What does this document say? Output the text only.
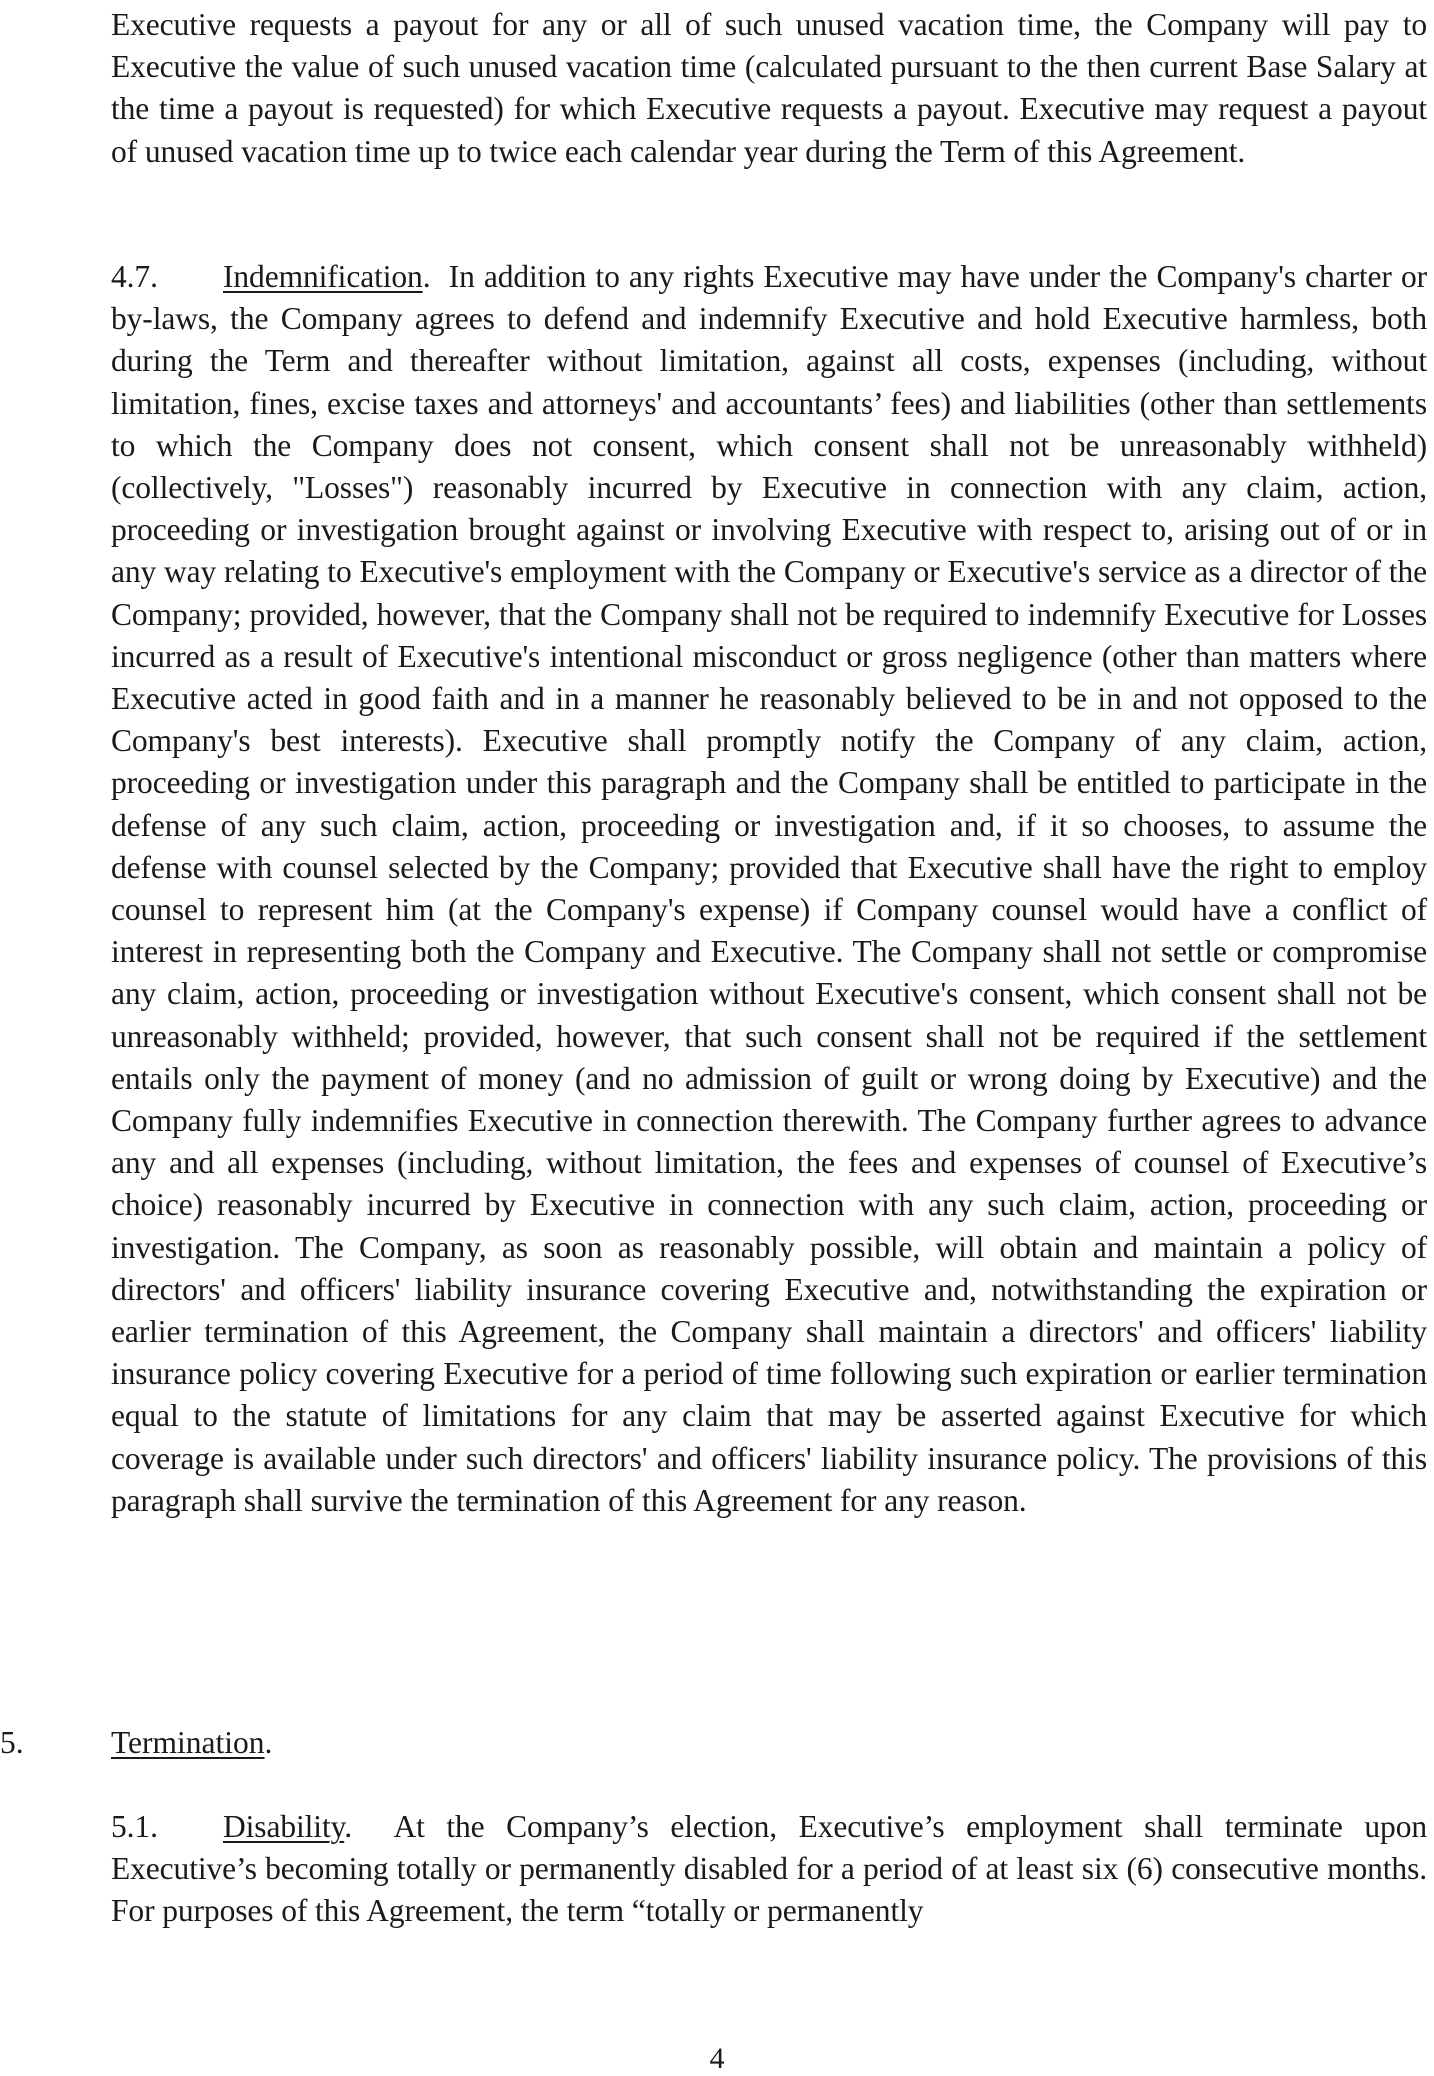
Executive requests a payout for any or all of such unused vacation time, the Company will pay to Executive the value of such unused vacation time (calculated pursuant to the then current Base Salary at the time a payout is requested) for which Executive requests a payout. Executive may request a payout of unused vacation time up to twice each calendar year during the Term of this Agreement.

4.7. Indemnification. In addition to any rights Executive may have under the Company's charter or by-laws, the Company agrees to defend and indemnify Executive and hold Executive harmless, both during the Term and thereafter without limitation, against all costs, expenses (including, without limitation, fines, excise taxes and attorneys' and accountants’ fees) and liabilities (other than settlements to which the Company does not consent, which consent shall not be unreasonably withheld) (collectively, "Losses") reasonably incurred by Executive in connection with any claim, action, proceeding or investigation brought against or involving Executive with respect to, arising out of or in any way relating to Executive's employment with the Company or Executive's service as a director of the Company; provided, however, that the Company shall not be required to indemnify Executive for Losses incurred as a result of Executive's intentional misconduct or gross negligence (other than matters where Executive acted in good faith and in a manner he reasonably believed to be in and not opposed to the Company's best interests). Executive shall promptly notify the Company of any claim, action, proceeding or investigation under this paragraph and the Company shall be entitled to participate in the defense of any such claim, action, proceeding or investigation and, if it so chooses, to assume the defense with counsel selected by the Company; provided that Executive shall have the right to employ counsel to represent him (at the Company's expense) if Company counsel would have a conflict of interest in representing both the Company and Executive. The Company shall not settle or compromise any claim, action, proceeding or investigation without Executive's consent, which consent shall not be unreasonably withheld; provided, however, that such consent shall not be required if the settlement entails only the payment of money (and no admission of guilt or wrong doing by Executive) and the Company fully indemnifies Executive in connection therewith. The Company further agrees to advance any and all expenses (including, without limitation, the fees and expenses of counsel of Executive’s choice) reasonably incurred by Executive in connection with any such claim, action, proceeding or investigation. The Company, as soon as reasonably possible, will obtain and maintain a policy of directors' and officers' liability insurance covering Executive and, notwithstanding the expiration or earlier termination of this Agreement, the Company shall maintain a directors' and officers' liability insurance policy covering Executive for a period of time following such expiration or earlier termination equal to the statute of limitations for any claim that may be asserted against Executive for which coverage is available under such directors' and officers' liability insurance policy. The provisions of this paragraph shall survive the termination of this Agreement for any reason.

5.	Termination.

5.1. Disability. At the Company’s election, Executive’s employment shall terminate upon Executive’s becoming totally or permanently disabled for a period of at least six (6) consecutive months. For purposes of this Agreement, the term “totally or permanently

4
